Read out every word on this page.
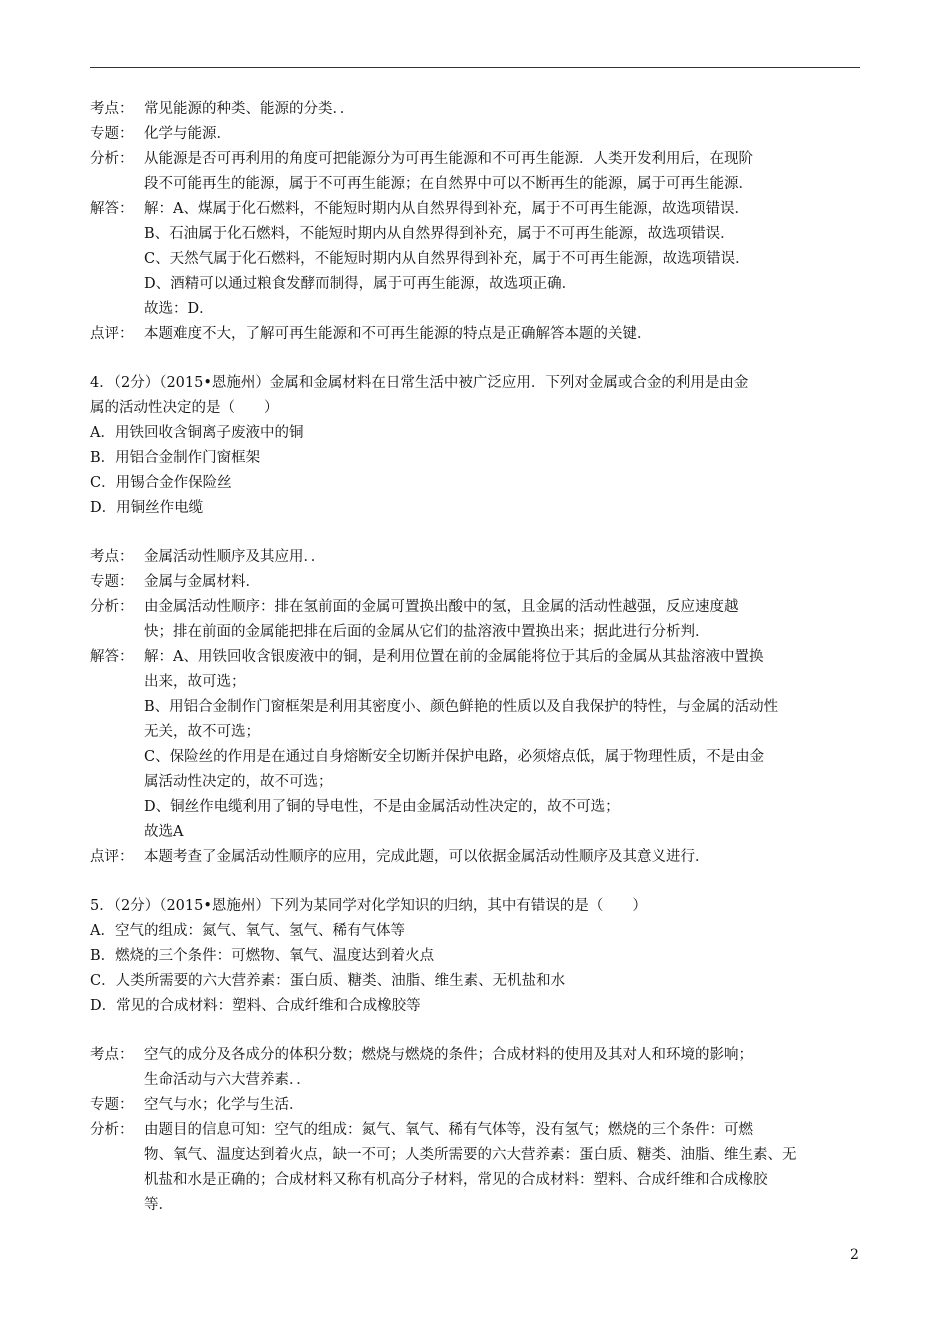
考点： 常见能源的种类、能源的分类．．
专题： 化学与能源．
分析： 从能源是否可再利用的角度可把能源分为可再生能源和不可再生能源．人类开发利用后，在现阶
段不可能再生的能源，属于不可再生能源；在自然界中可以不断再生的能源，属于可再生能源．
解答： 解：A、煤属于化石燃料，不能短时期内从自然界得到补充，属于不可再生能源，故选项错误．
B、石油属于化石燃料，不能短时期内从自然界得到补充，属于不可再生能源，故选项错误．
C、天然气属于化石燃料，不能短时期内从自然界得到补充，属于不可再生能源，故选项错误．
D、酒精可以通过粮食发酵而制得，属于可再生能源，故选项正确．
故选：D．
点评： 本题难度不大，了解可再生能源和不可再生能源的特点是正确解答本题的关键．
4．（2分）（2015•恩施州）金属和金属材料在日常生活中被广泛应用．下列对金属或合金的利用是由金
属的活动性决定的是（　　）
A．用铁回收含铜离子废液中的铜
B．用铝合金制作门窗框架
C．用锡合金作保险丝
D．用铜丝作电缆
考点： 金属活动性顺序及其应用．．
专题： 金属与金属材料．
分析： 由金属活动性顺序：排在氢前面的金属可置换出酸中的氢，且金属的活动性越强，反应速度越
快；排在前面的金属能把排在后面的金属从它们的盐溶液中置换出来；据此进行分析判．
解答： 解：A、用铁回收含银废液中的铜，是利用位置在前的金属能将位于其后的金属从其盐溶液中置换
出来，故可选；
B、用铝合金制作门窗框架是利用其密度小、颜色鲜艳的性质以及自我保护的特性，与金属的活动性
无关，故不可选；
C、保险丝的作用是在通过自身熔断安全切断并保护电路，必须熔点低，属于物理性质，不是由金
属活动性决定的，故不可选；
D、铜丝作电缆利用了铜的导电性，不是由金属活动性决定的，故不可选；
故选A
点评： 本题考查了金属活动性顺序的应用，完成此题，可以依据金属活动性顺序及其意义进行．
5．（2分）（2015•恩施州）下列为某同学对化学知识的归纳，其中有错误的是（　　）
A．空气的组成：氮气、氧气、氢气、稀有气体等
B．燃烧的三个条件：可燃物、氧气、温度达到着火点
C．人类所需要的六大营养素：蛋白质、糖类、油脂、维生素、无机盐和水
D．常见的合成材料：塑料、合成纤维和合成橡胶等
考点： 空气的成分及各成分的体积分数；燃烧与燃烧的条件；合成材料的使用及其对人和环境的影响；
生命活动与六大营养素．．
专题： 空气与水；化学与生活．
分析： 由题目的信息可知：空气的组成：氮气、氧气、稀有气体等，没有氢气；燃烧的三个条件：可燃
物、氧气、温度达到着火点，缺一不可；人类所需要的六大营养素：蛋白质、糖类、油脂、维生素、无
机盐和水是正确的；合成材料又称有机高分子材料，常见的合成材料：塑料、合成纤维和合成橡胶
等．
2
